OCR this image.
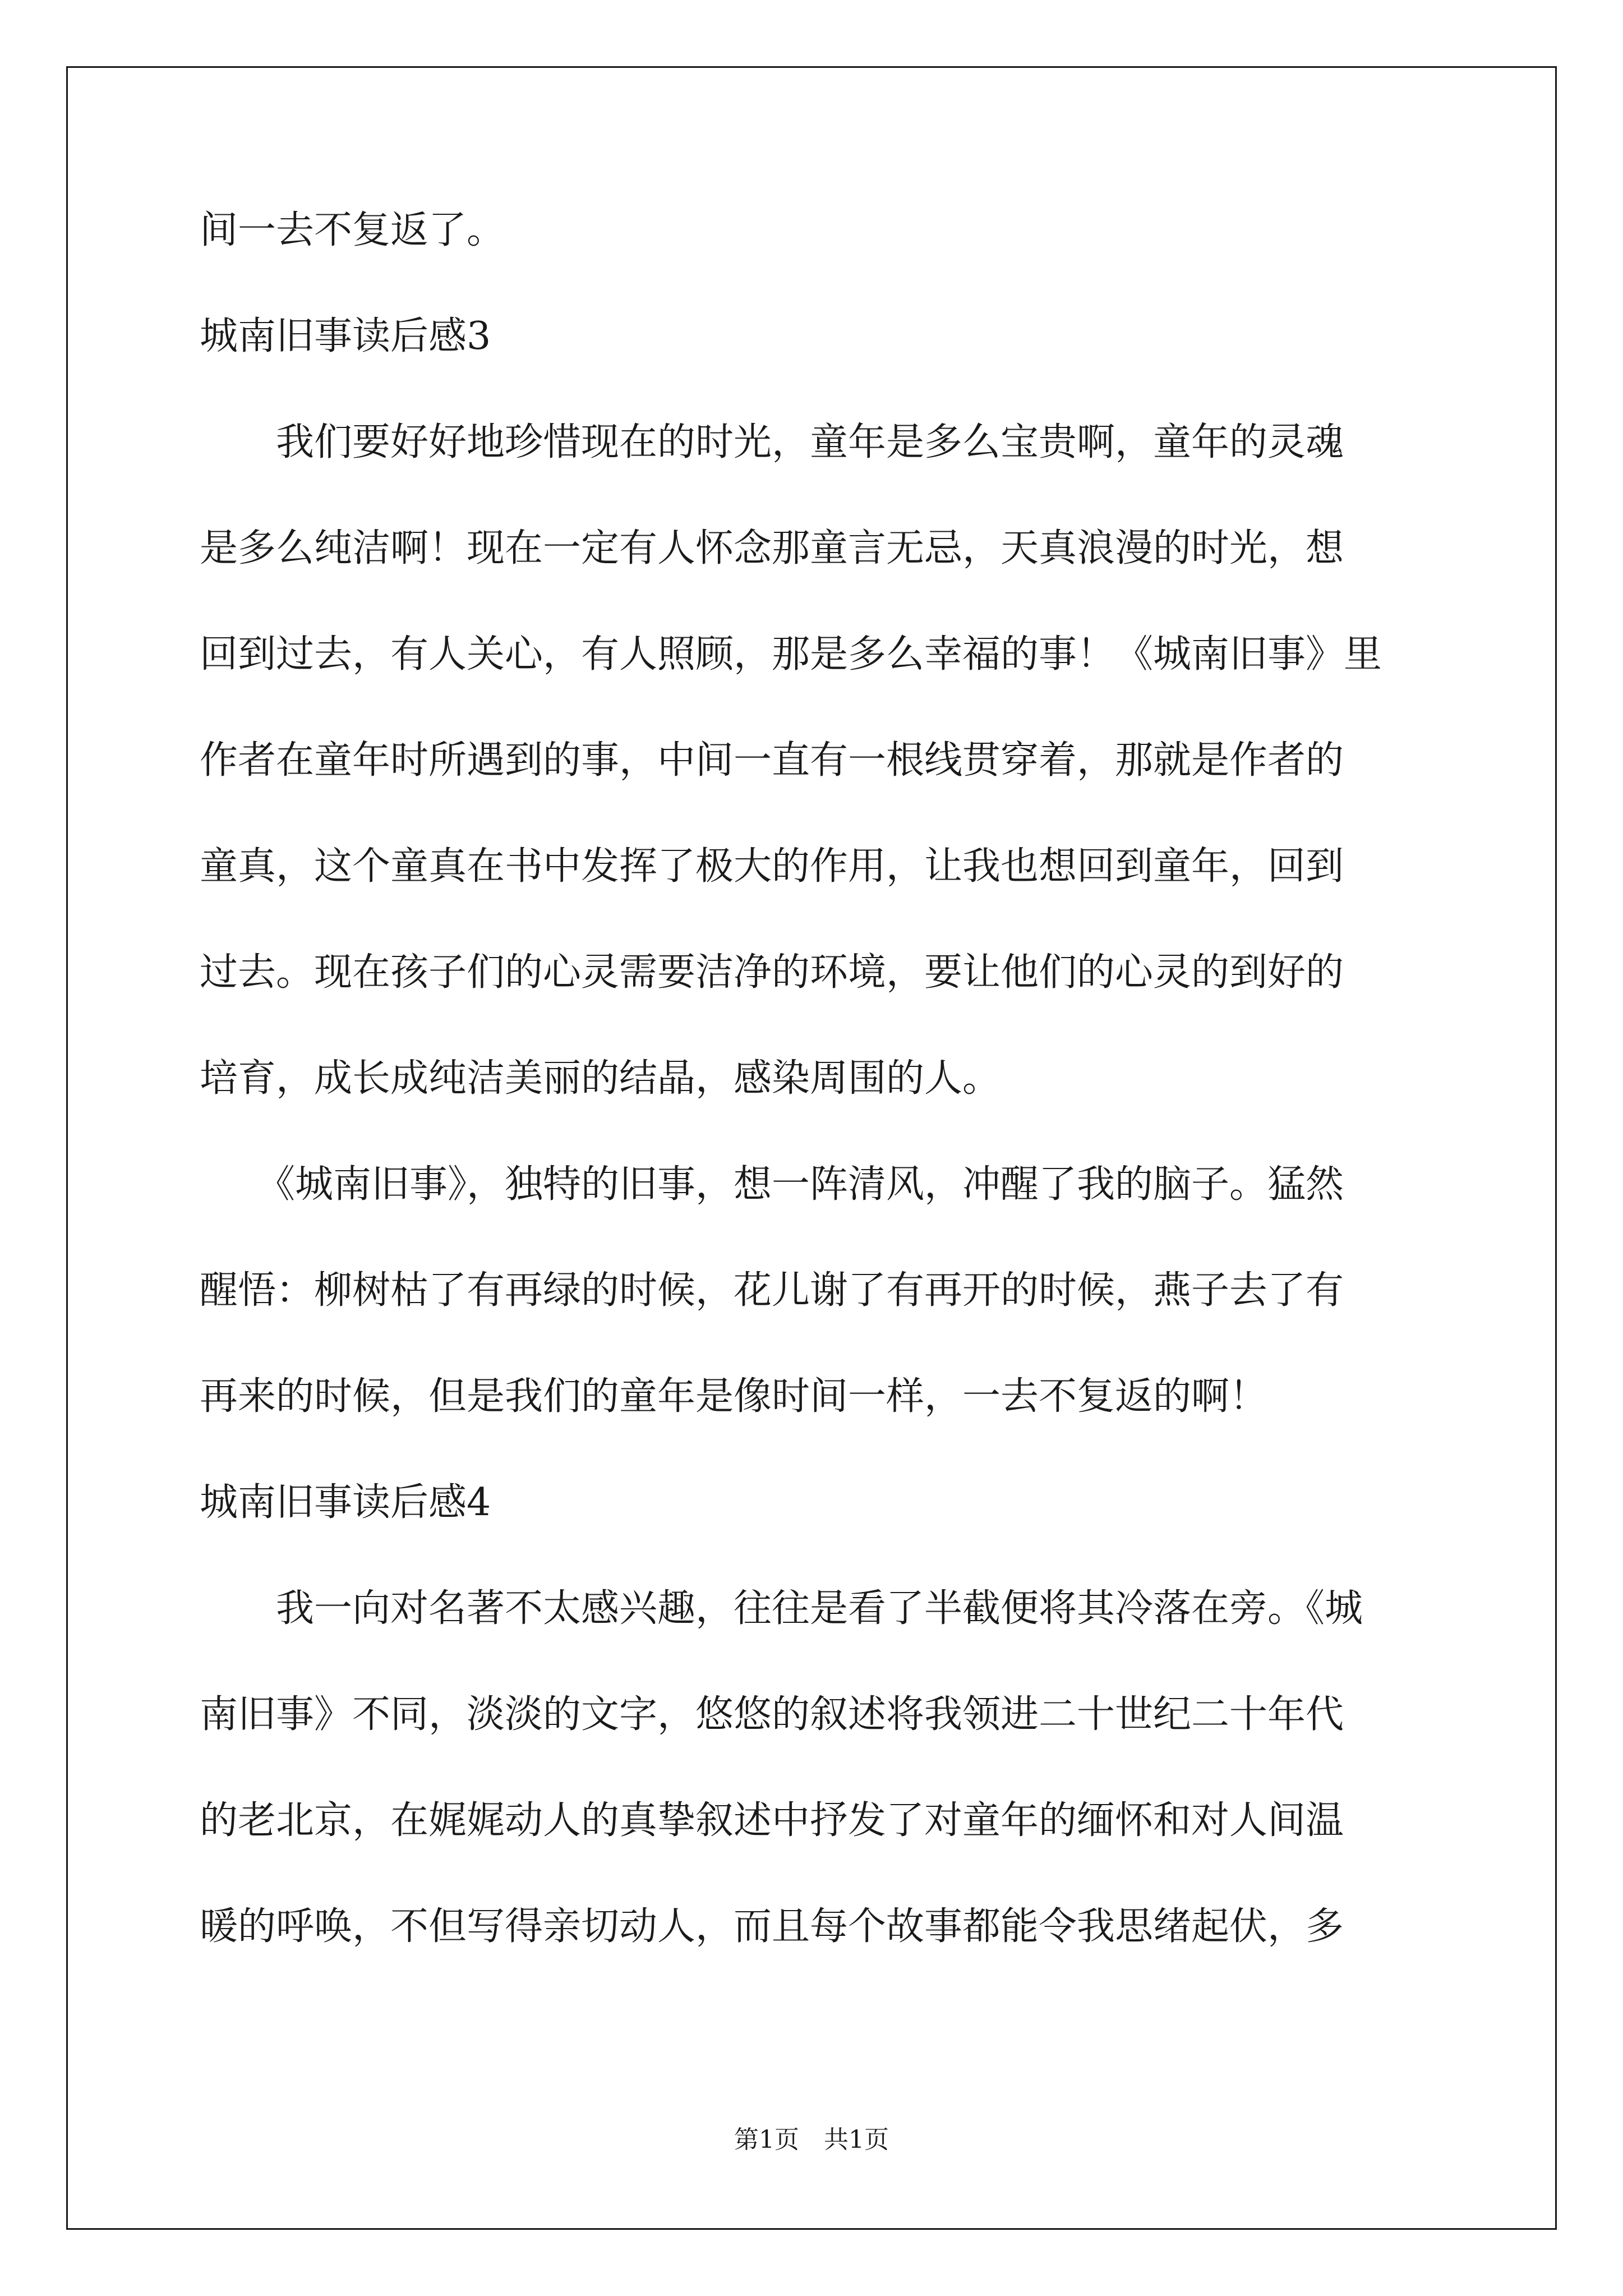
间一去不复返了。
城南旧事读后感3
　　我们要好好地珍惜现在的时光，童年是多么宝贵啊，童年的灵魂
是多么纯洁啊！现在一定有人怀念那童言无忌，天真浪漫的时光，想
回到过去，有人关心，有人照顾，那是多么幸福的事！《城南旧事》里
作者在童年时所遇到的事，中间一直有一根线贯穿着，那就是作者的
童真，这个童真在书中发挥了极大的作用，让我也想回到童年，回到
过去。现在孩子们的心灵需要洁净的环境，要让他们的心灵的到好的
培育，成长成纯洁美丽的结晶，感染周围的人。
　　《城南旧事》，独特的旧事，想一阵清风，冲醒了我的脑子。猛然
醒悟：柳树枯了有再绿的时候，花儿谢了有再开的时候，燕子去了有
再来的时候，但是我们的童年是像时间一样，一去不复返的啊！
城南旧事读后感4
　　我一向对名著不太感兴趣，往往是看了半截便将其冷落在旁。《城
南旧事》不同，淡淡的文字，悠悠的叙述将我领进二十世纪二十年代
的老北京，在娓娓动人的真挚叙述中抒发了对童年的缅怀和对人间温
暖的呼唤，不但写得亲切动人，而且每个故事都能令我思绪起伏，多
第1页　共1页
